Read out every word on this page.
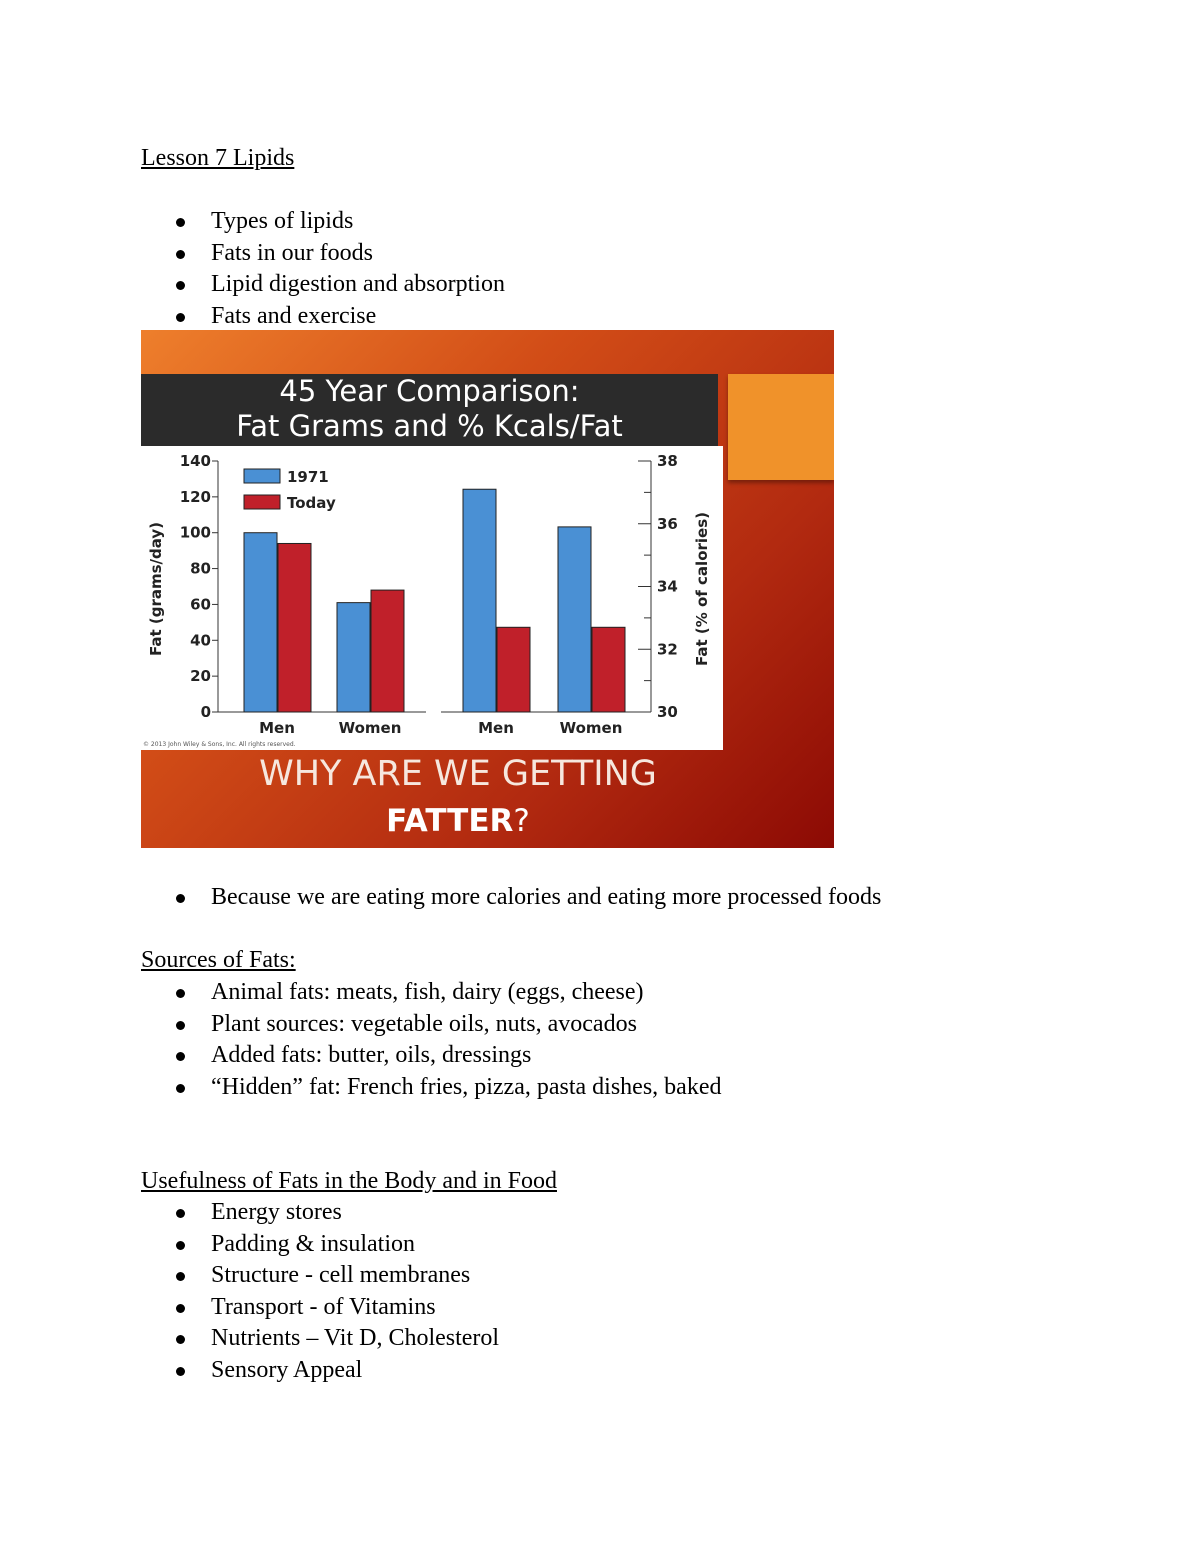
Lesson 7 Lipids
Types of lipids
Fats in our foods
Lipid digestion and absorption
Fats and exercise
45 Year Comparison:
Fat Grams and % Kcals/Fat
0
20
40
60
80
100
120
140
Fat (grams/day)
30
32
34
36
38
Fat (% of calories)
Men	Women	Men	Women
1971
Today
© 2013 John Wiley & Sons, Inc. All rights reserved.
WHY ARE WE GETTING
FATTER?
Because we are eating more calories and eating more processed foods
Sources of Fats:
Animal fats: meats, fish, dairy (eggs, cheese)
Plant sources: vegetable oils, nuts, avocados
Added fats: butter, oils, dressings
“Hidden” fat: French fries, pizza, pasta dishes, baked
Usefulness of Fats in the Body and in Food
Energy stores
Padding & insulation
Structure - cell membranes
Transport - of Vitamins
Nutrients – Vit D, Cholesterol
Sensory Appeal
